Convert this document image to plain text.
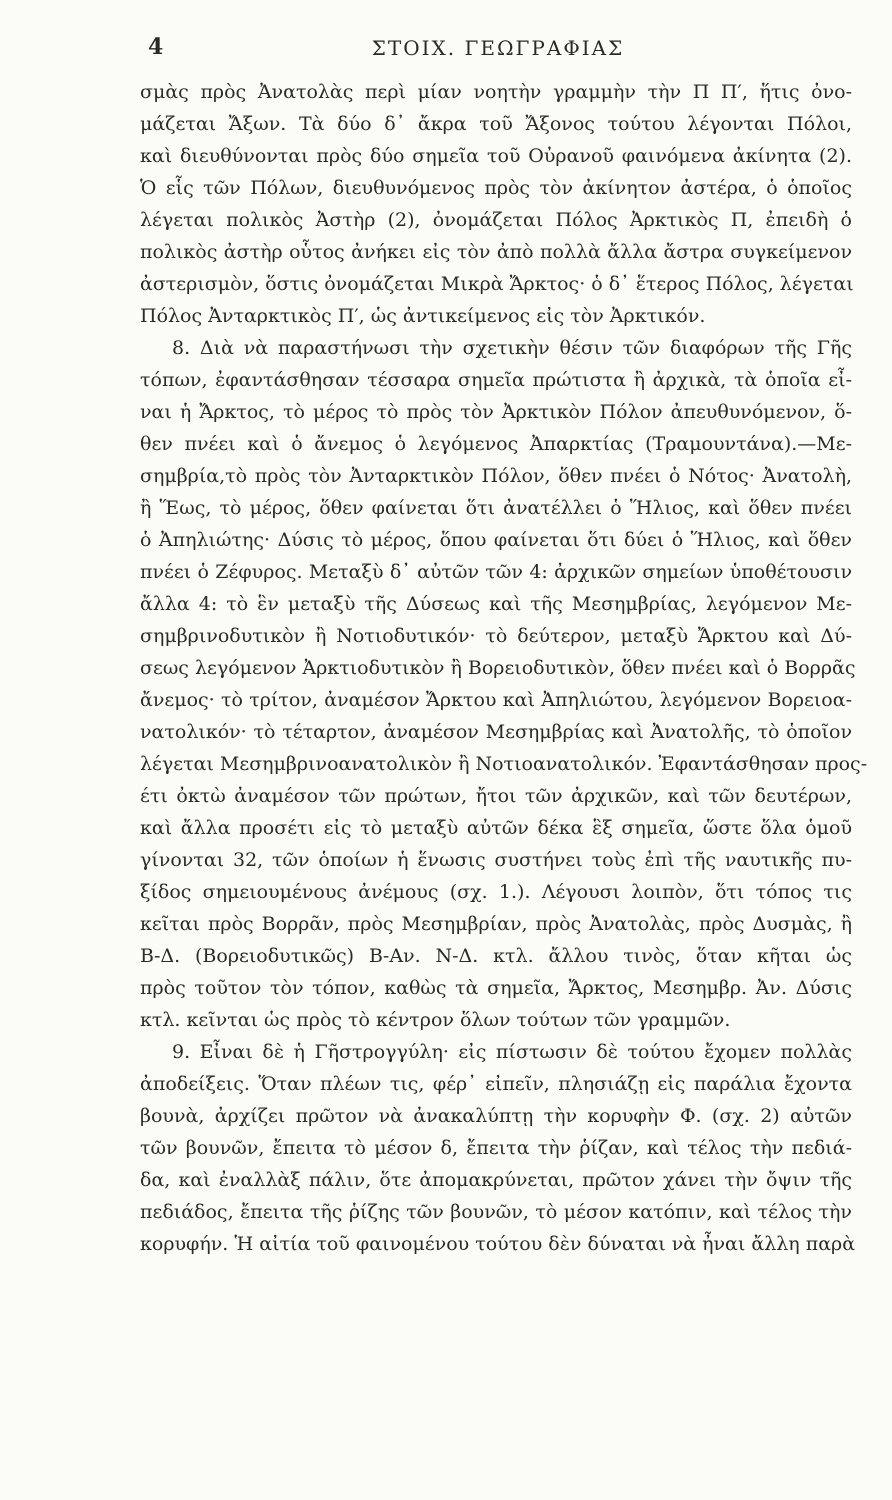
4	ΣΤΟΙΧ. ΓΕΩΓΡΑΦΙΑΣ
σμὰς πρὸς Ἀνατολὰς περὶ μίαν νοητὴν γραμμὴν τὴν Π Π′, ἥτις ὀνο-
μάζεται Ἄξων. Τὰ δύο δ᾽ ἄκρα τοῦ Ἄξονος τούτου λέγονται Πόλοι,
καὶ διευθύνονται πρὸς δύο σημεῖα τοῦ Οὐρανοῦ φαινόμενα ἀκίνητα (2).
Ὁ εἷς τῶν Πόλων, διευθυνόμενος πρὸς τὸν ἀκίνητον ἀστέρα, ὁ ὁποῖος
λέγεται πολικὸς Ἀστὴρ (2), ὀνομάζεται Πόλος Ἀρκτικὸς Π, ἐπειδὴ ὁ
πολικὸς ἀστὴρ οὗτος ἀνήκει εἰς τὸν ἀπὸ πολλὰ ἄλλα ἄστρα συγκείμενον
ἀστερισμὸν, ὅστις ὀνομάζεται Μικρὰ Ἄρκτος· ὁ δ᾽ ἕτερος Πόλος, λέγεται
Πόλος Ἀνταρκτικὸς Π′, ὡς ἀντικείμενος εἰς τὸν Ἀρκτικόν.
8. Διὰ νὰ παραστήνωσι τὴν σχετικὴν θέσιν τῶν διαφόρων τῆς Γῆς
τόπων, ἐφαντάσθησαν τέσσαρα σημεῖα πρώτιστα ἢ ἀρχικὰ, τὰ ὁποῖα εἶ-
ναι ἡ Ἄρκτος, τὸ μέρος τὸ πρὸς τὸν Ἀρκτικὸν Πόλον ἀπευθυνόμενον, ὅ-
θεν πνέει καὶ ὁ ἄνεμος ὁ λεγόμενος Ἀπαρκτίας (Τραμουντάνα).—Με-
σημβρία,τὸ πρὸς τὸν Ἀνταρκτικὸν Πόλον, ὅθεν πνέει ὁ Νότος· Ἀνατολὴ,
ἢ Ἕως, τὸ μέρος, ὅθεν φαίνεται ὅτι ἀνατέλλει ὁ Ἥλιος, καὶ ὅθεν πνέει
ὁ Ἀπηλιώτης· Δύσις τὸ μέρος, ὅπου φαίνεται ὅτι δύει ὁ Ἥλιος, καὶ ὅθεν
πνέει ὁ Ζέφυρος. Μεταξὺ δ᾽ αὐτῶν τῶν 4: ἀρχικῶν σημείων ὑποθέτουσιν
ἄλλα 4: τὸ ἓν μεταξὺ τῆς Δύσεως καὶ τῆς Μεσημβρίας, λεγόμενον Με-
σημβρινοδυτικὸν ἢ Νοτιοδυτικόν· τὸ δεύτερον, μεταξὺ Ἄρκτου καὶ Δύ-
σεως λεγόμενον Ἀρκτιοδυτικὸν ἢ Βορειοδυτικὸν, ὅθεν πνέει καὶ ὁ Βορρᾶς
ἄνεμος· τὸ τρίτον, ἀναμέσον Ἄρκτου καὶ Ἀπηλιώτου, λεγόμενον Βορειοα-
νατολικόν· τὸ τέταρτον, ἀναμέσον Μεσημβρίας καὶ Ἀνατολῆς, τὸ ὁποῖον
λέγεται Μεσημβρινοανατολικὸν ἢ Νοτιοανατολικόν. Ἐφαντάσθησαν προς-
έτι ὀκτὼ ἀναμέσον τῶν πρώτων, ἤτοι τῶν ἀρχικῶν, καὶ τῶν δευτέρων,
καὶ ἄλλα προσέτι εἰς τὸ μεταξὺ αὐτῶν δέκα ἓξ σημεῖα, ὥστε ὅλα ὁμοῦ
γίνονται 32, τῶν ὁποίων ἡ ἕνωσις συστήνει τοὺς ἐπὶ τῆς ναυτικῆς πυ-
ξίδος σημειουμένους ἀνέμους (σχ. 1.). Λέγουσι λοιπὸν, ὅτι τόπος τις
κεῖται πρὸς Βορρᾶν, πρὸς Μεσημβρίαν, πρὸς Ἀνατολὰς, πρὸς Δυσμὰς, ἢ
Β-Δ. (Βορειοδυτικῶς) Β-Αν. Ν-Δ. κτλ. ἄλλου τινὸς, ὅταν κῆται ὡς
πρὸς τοῦτον τὸν τόπον, καθὼς τὰ σημεῖα, Ἄρκτος, Μεσημβρ. Ἀν. Δύσις
κτλ. κεῖνται ὡς πρὸς τὸ κέντρον ὅλων τούτων τῶν γραμμῶν.
9. Εἶναι δὲ ἡ Γῆστρογγύλη· εἰς πίστωσιν δὲ τούτου ἔχομεν πολλὰς
ἀποδείξεις. Ὅταν πλέων τις, φέρ᾽ εἰπεῖν, πλησιάζῃ εἰς παράλια ἔχοντα
βουνὰ, ἀρχίζει πρῶτον νὰ ἀνακαλύπτῃ τὴν κορυφὴν Φ. (σχ. 2) αὐτῶν
τῶν βουνῶν, ἔπειτα τὸ μέσον δ, ἔπειτα τὴν ῥίζαν, καὶ τέλος τὴν πεδιά-
δα, καὶ ἐναλλὰξ πάλιν, ὅτε ἀπομακρύνεται, πρῶτον χάνει τὴν ὄψιν τῆς
πεδιάδος, ἔπειτα τῆς ῥίζης τῶν βουνῶν, τὸ μέσον κατόπιν, καὶ τέλος τὴν
κορυφήν. Ἡ αἰτία τοῦ φαινομένου τούτου δὲν δύναται νὰ ἦναι ἄλλη παρὰ
